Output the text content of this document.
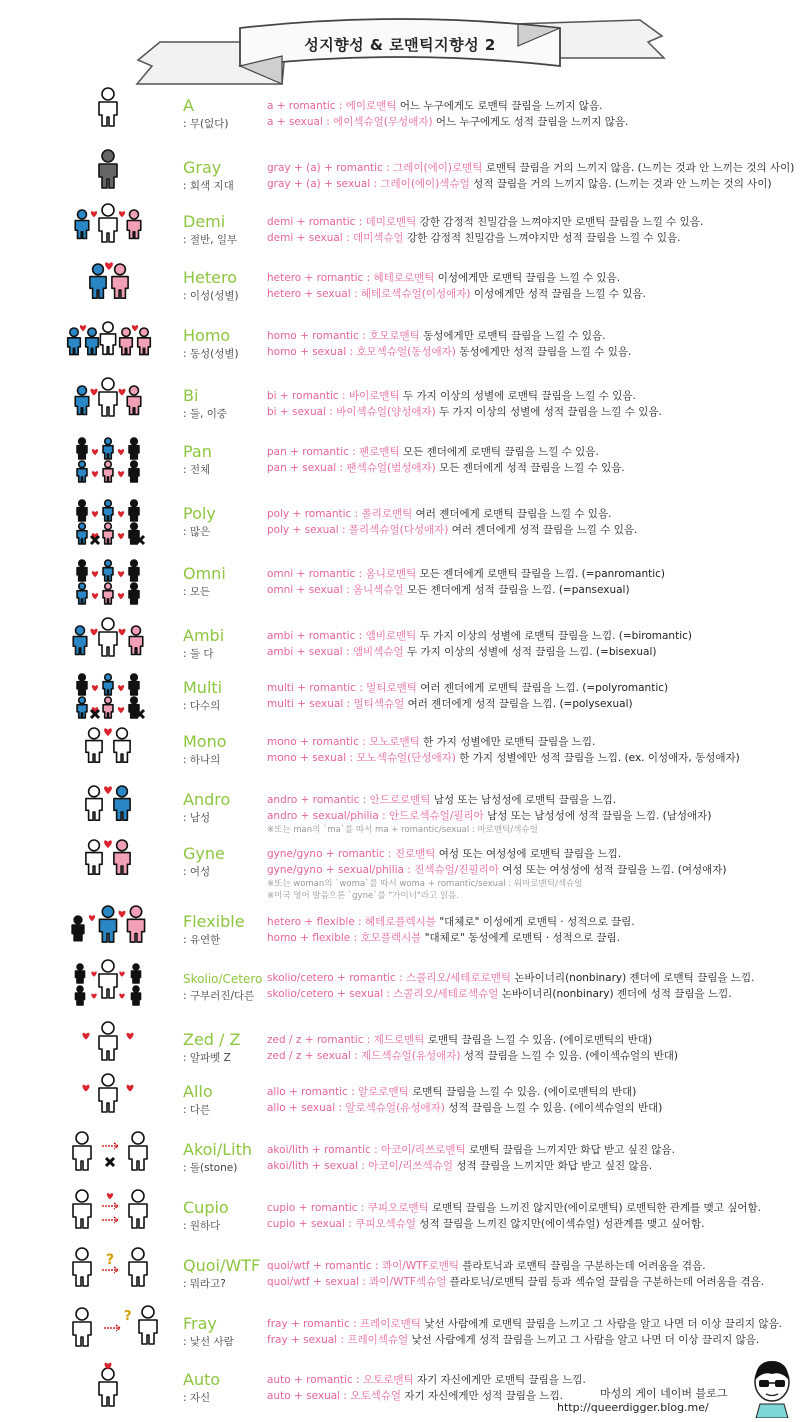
성지향성 & 로맨틱지향성 2
A
: 무(없다)
a + romantic : 에이로맨틱 어느 누구에게도 로맨틱 끌림을 느끼지 않음.
a + sexual : 에이섹슈얼(무성애자) 어느 누구에게도 성적 끌림을 느끼지 않음.
Gray
: 회색 지대
gray + (a) + romantic : 그레이(에이)로맨틱 로맨틱 끌림을 거의 느끼지 않음. (느끼는 것과 안 느끼는 것의 사이)
gray + (a) + sexual : 그레이(에이)섹슈얼 성적 끌림을 거의 느끼지 않음. (느끼는 것과 안 느끼는 것의 사이)
Demi
: 절반, 일부
demi + romantic : 데미로맨틱 강한 감정적 친밀감을 느껴야지만 로맨틱 끌림을 느낄 수 있음.
demi + sexual : 데미섹슈얼 강한 감정적 친밀감을 느껴야지만 성적 끌림을 느낄 수 있음.
Hetero
: 이성(성별)
hetero + romantic : 헤테로로맨틱 이성에게만 로맨틱 끌림을 느낄 수 있음.
hetero + sexual : 헤테로섹슈얼(이성애자) 이성에게만 성적 끌림을 느낄 수 있음.
Homo
: 동성(성별)
homo + romantic : 호모로맨틱 동성에게만 로맨틱 끌림을 느낄 수 있음.
homo + sexual : 호모섹슈얼(동성애자) 동성에게만 성적 끌림을 느낄 수 있음.
Bi
: 둘, 이중
bi + romantic : 바이로맨틱 두 가지 이상의 성별에 로맨틱 끌림을 느낄 수 있음.
bi + sexual : 바이섹슈얼(양성애자) 두 가지 이상의 성별에 성적 끌림을 느낄 수 있음.
Pan
: 전체
pan + romantic : 팬로맨틱 모든 젠더에게 로맨틱 끌림을 느낄 수 있음.
pan + sexual : 팬섹슈얼(범성애자) 모든 젠더에게 성적 끌림을 느낄 수 있음.
Poly
: 많은
poly + romantic : 폴리로맨틱 여러 젠더에게 로맨틱 끌림을 느낄 수 있음.
poly + sexual : 폴리섹슈얼(다성애자) 여러 젠더에게 성적 끌림을 느낄 수 있음.
Omni
: 모든
omni + romantic : 옴니로맨틱 모든 젠더에게 로맨틱 끌림을 느낌. (=panromantic)
omni + sexual : 옴니섹슈얼 모든 젠더에게 성적 끌림을 느낌. (=pansexual)
Ambi
: 둘 다
ambi + romantic : 앰비로맨틱 두 가지 이상의 성별에 로맨틱 끌림을 느낌. (=biromantic)
ambi + sexual : 앰비섹슈얼 두 가지 이상의 성별에 성적 끌림을 느낌. (=bisexual)
Multi
: 다수의
multi + romantic : 멀티로맨틱 여러 젠더에게 로맨틱 끌림을 느낌. (=polyromantic)
multi + sexual : 멀티섹슈얼 여러 젠더에게 성적 끌림을 느낌. (=polysexual)
Mono
: 하나의
mono + romantic : 모노로맨틱 한 가지 성별에만 로맨틱 끌림을 느낌.
mono + sexual : 모노섹슈얼(단성애자) 한 가지 성별에만 성적 끌림을 느낌. (ex. 이성애자, 동성애자)
Andro
: 남성
andro + romantic : 안드로로맨틱 남성 또는 남성성에 로맨틱 끌림을 느낌.
andro + sexual/philia : 안드로섹슈얼/필리아 남성 또는 남성성에 성적 끌림을 느낌. (남성애자)
※또는 man의 `ma`를 따서 ma + romantic/sexual : 마로맨틱/섹슈얼
Gyne
: 여성
gyne/gyno + romantic : 진로맨틱 여성 또는 여성성에 로맨틱 끌림을 느낌.
gyne/gyno + sexual/philia : 진섹슈얼/진필리아 여성 또는 여성성에 성적 끌림을 느낌. (여성애자)
※또는 woman의 `woma`를 따서 woma + romantic/sexual : 워마로맨틱/섹슈얼
※미국 영어 발음으론 `gyne`를 "가이너"라고 읽음.
Flexible
: 유연한
hetero + flexible : 헤테로플렉시블 "대체로" 이성에게 로맨틱 · 성적으로 끌림.
homo + flexible : 호모플렉시블 "대체로" 동성에게 로맨틱 · 성적으로 끌림.
Skolio/Cetero
: 구부러진/다른
skolio/cetero + romantic : 스콜리오/세테로로맨틱 논바이너리(nonbinary) 젠더에 로맨틱 끌림을 느낌.
skolio/cetero + sexual : 스콜리오/세테로섹슈얼 논바이너리(nonbinary) 젠더에 성적 끌림을 느낌.
Zed / Z
: 알파벳 Z
zed / z + romantic : 제드로맨틱 로맨틱 끌림을 느낄 수 있음. (에이로맨틱의 반대)
zed / z + sexual : 제드섹슈얼(유성애자) 성적 끌림을 느낄 수 있음. (에이섹슈얼의 반대)
Allo
: 다른
allo + romantic : 알로로맨틱 로맨틱 끌림을 느낄 수 있음. (에이로맨틱의 반대)
allo + sexual : 알로섹슈얼(유성애자) 성적 끌림을 느낄 수 있음. (에이섹슈얼의 반대)
Akoi/Lith
: 돌(stone)
akoi/lith + romantic : 아코이/리쓰로맨틱 로맨틱 끌림을 느끼지만 화답 받고 싶진 않음.
akoi/lith + sexual : 아코이/리쓰섹슈얼 성적 끌림을 느끼지만 화답 받고 싶진 않음.
Cupio
: 원하다
cupio + romantic : 쿠피오로맨틱 로맨틱 끌림을 느끼진 않지만(에이로맨틱) 로맨틱한 관계를 맺고 싶어함.
cupio + sexual : 쿠피오섹슈얼 성적 끌림을 느끼진 않지만(에이섹슈얼) 성관계를 맺고 싶어함.
?	Quoi/WTF
: 뭐라고?
quoi/wtf + romantic : 콰이/WTF로맨틱 플라토닉과 로맨틱 끌림을 구분하는데 어려움을 겪음.
quoi/wtf + sexual : 콰이/WTF섹슈얼 플라토닉/로맨틱 끌림 등과 섹슈얼 끌림을 구분하는데 어려움을 겪음.
?	Fray
: 낯선 사람
fray + romantic : 프레이로맨틱 낯선 사람에게 로맨틱 끌림을 느끼고 그 사람을 알고 나면 더 이상 끌리지 않음.
fray + sexual : 프레이섹슈얼 낯선 사람에게 성적 끌림을 느끼고 그 사람을 알고 나면 더 이상 끌리지 않음.
Auto
: 자신
auto + romantic : 오토로맨틱 자기 자신에게만 로맨틱 끌림을 느낌.
auto + sexual : 오토섹슈얼 자기 자신에게만 성적 끌림을 느낌.	마성의 게이 네이버 블로그
http://queerdigger.blog.me/
